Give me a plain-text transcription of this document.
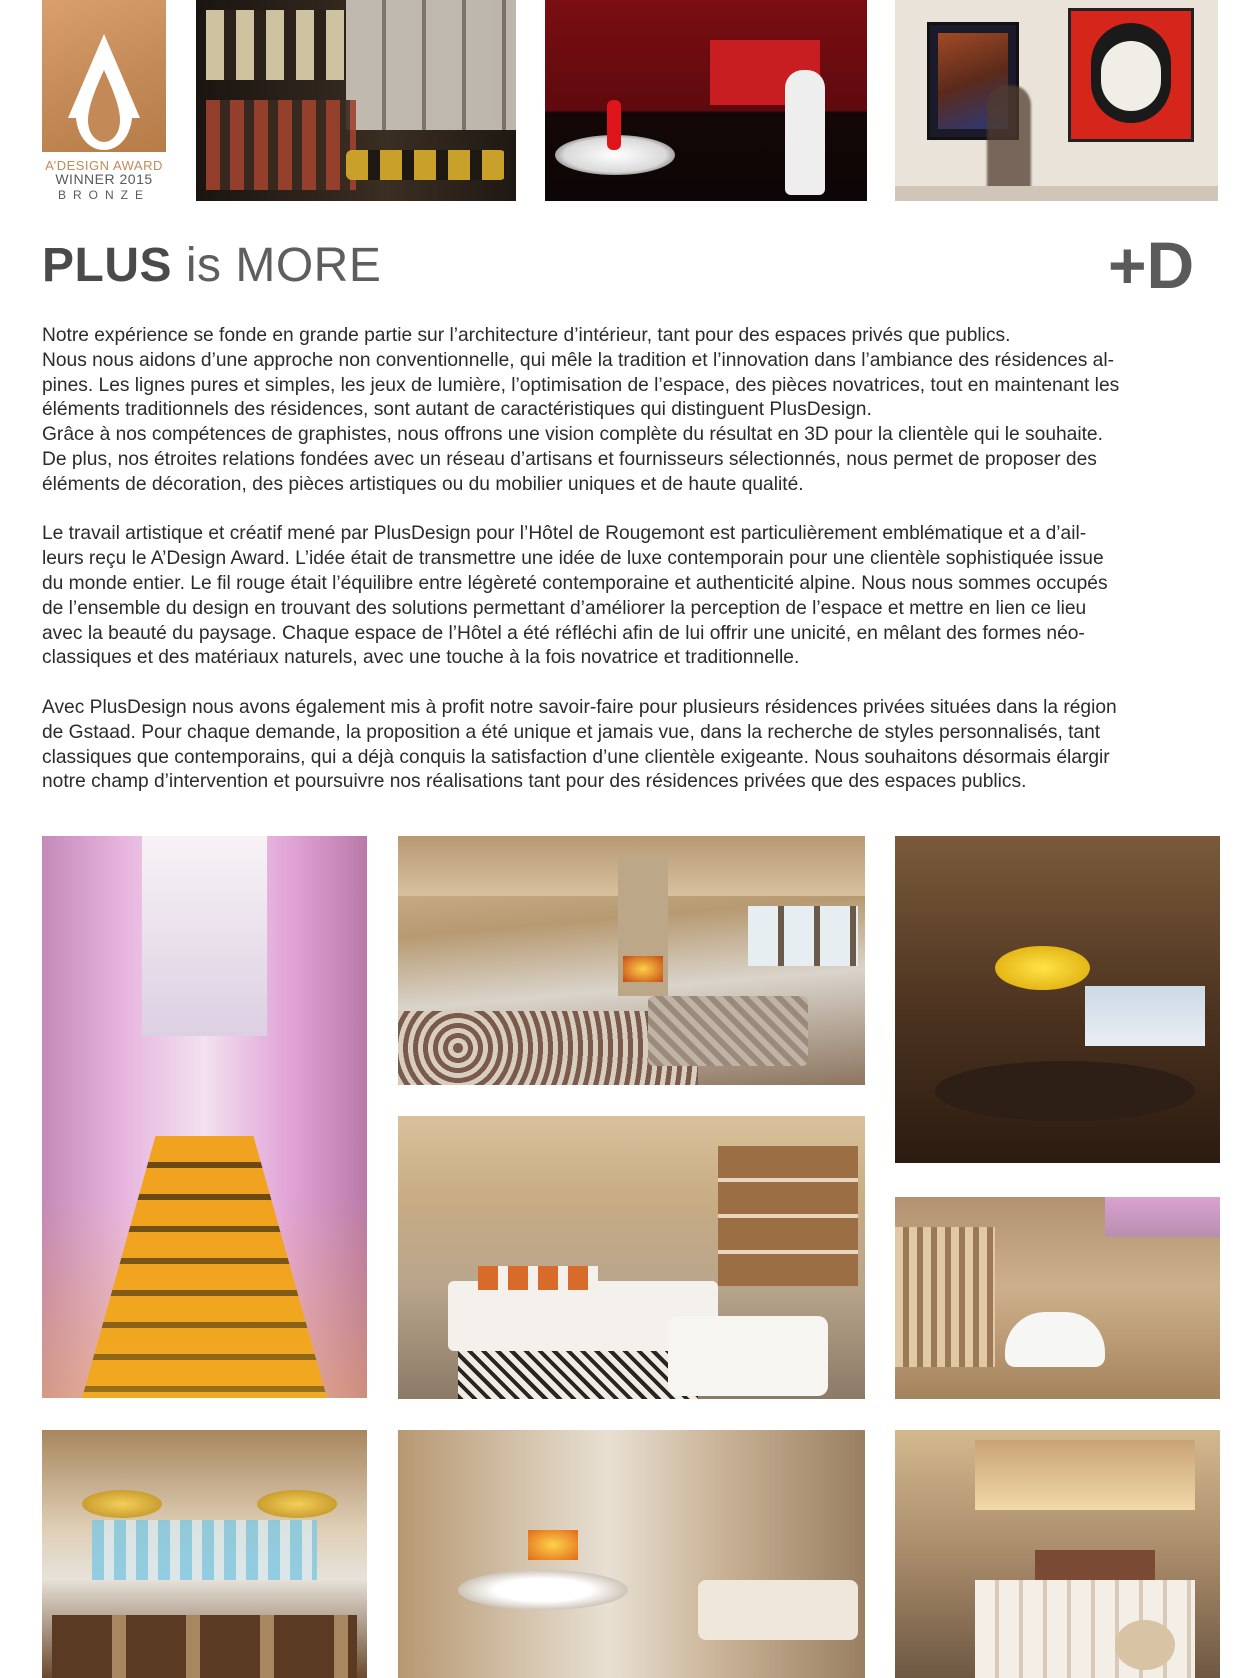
A’DESIGN AWARD
WINNER 2015
BRONZE
PLUS is MORE	+D

Notre expérience se fonde en grande partie sur l’architecture d’intérieur, tant pour des espaces privés que publics.
Nous nous aidons d’une approche non conventionnelle, qui mêle la tradition et l’innovation dans l’ambiance des résidences al-
pines. Les lignes pures et simples, les jeux de lumière, l’optimisation de l’espace, des pièces novatrices, tout en maintenant les
éléments traditionnels des résidences, sont autant de caractéristiques qui distinguent PlusDesign.
Grâce à nos compétences de graphistes, nous offrons une vision complète du résultat en 3D pour la clientèle qui le souhaite.
De plus, nos étroites relations fondées avec un réseau d’artisans et fournisseurs sélectionnés, nous permet de proposer des
éléments de décoration, des pièces artistiques ou du mobilier uniques et de haute qualité.

Le travail artistique et créatif mené par PlusDesign pour l’Hôtel de Rougemont est particulièrement emblématique et a d’ail-
leurs reçu le A’Design Award. L’idée était de transmettre une idée de luxe contemporain pour une clientèle sophistiquée issue
du monde entier. Le fil rouge était l’équilibre entre légèreté contemporaine et authenticité alpine. Nous nous sommes occupés
de l’ensemble du design en trouvant des solutions permettant d’améliorer la perception de l’espace et mettre en lien ce lieu
avec la beauté du paysage. Chaque espace de l’Hôtel a été réfléchi afin de lui offrir une unicité, en mêlant des formes néo-
classiques et des matériaux naturels, avec une touche à la fois novatrice et traditionnelle.

Avec PlusDesign nous avons également mis à profit notre savoir-faire pour plusieurs résidences privées situées dans la région
de Gstaad. Pour chaque demande, la proposition a été unique et jamais vue, dans la recherche de styles personnalisés, tant
classiques que contemporains, qui a déjà conquis la satisfaction d’une clientèle exigeante. Nous souhaitons désormais élargir
notre champ d’intervention et poursuivre nos réalisations tant pour des résidences privées que des espaces publics.
